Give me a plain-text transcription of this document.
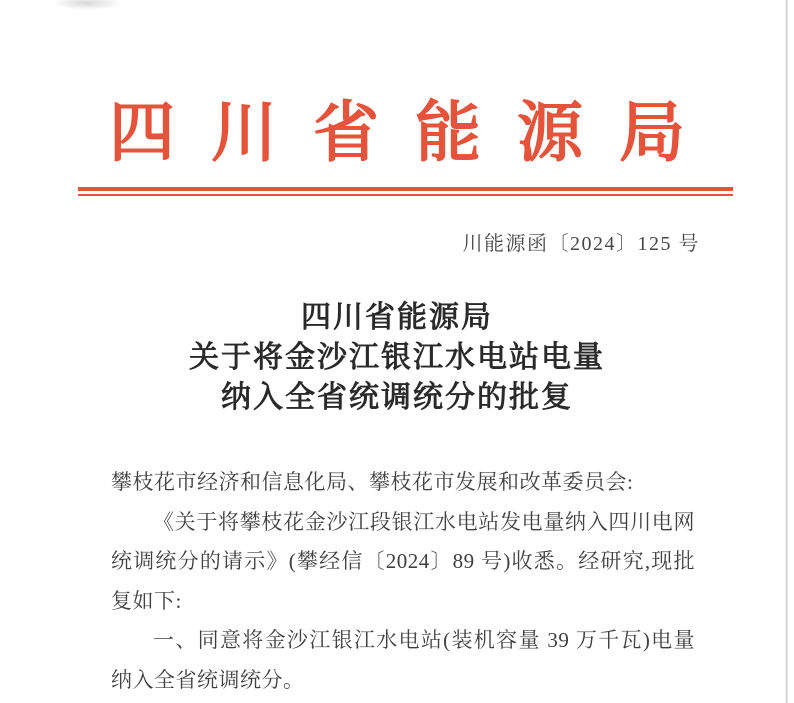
四川省能源局
川能源函〔2024〕125 号
四川省能源局
关于将金沙江银江水电站电量
纳入全省统调统分的批复

攀枝花市经济和信息化局、攀枝花市发展和改革委员会:

《关于将攀枝花金沙江段银江水电站发电量纳入四川电网统调统分的请示》(攀经信〔2024〕89 号)收悉。经研究,现批复如下:

一、同意将金沙江银江水电站(装机容量 39 万千瓦)电量纳入全省统调统分。
